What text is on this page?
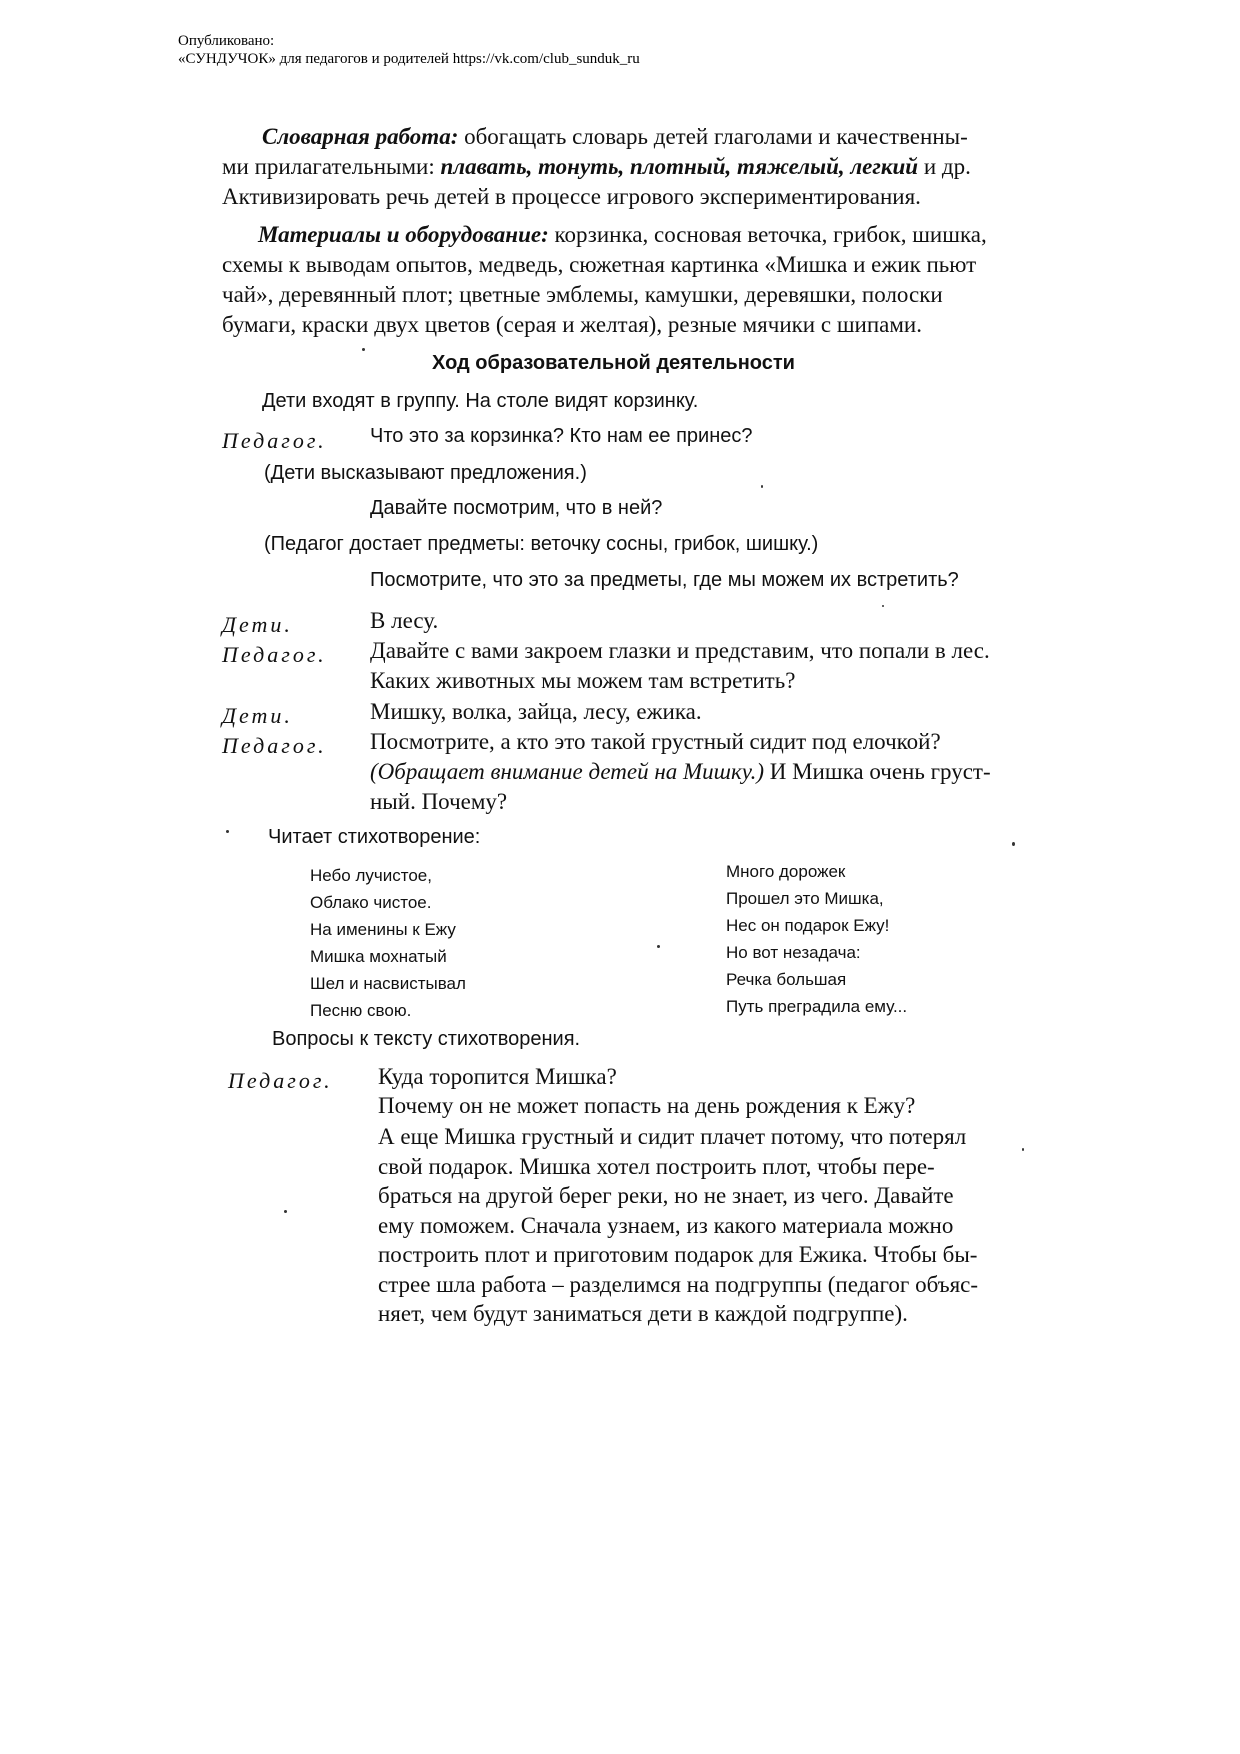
Опубликовано:
«СУНДУЧОК» для педагогов и родителей https://vk.com/club_sunduk_ru
Словарная работа: обогащать словарь детей глаголами и качественны-
ми прилагательными: плавать, тонуть, плотный, тяжелый, легкий и др.
Активизировать речь детей в процессе игрового экспериментирования.
Материалы и оборудование: корзинка, сосновая веточка, грибок, шишка,
схемы к выводам опытов, медведь, сюжетная картинка «Мишка и ежик пьют
чай», деревянный плот; цветные эмблемы, камушки, деревяшки, полоски
бумаги, краски двух цветов (серая и желтая), резные мячики с шипами.
Ход образовательной деятельности
Дети входят в группу. На столе видят корзинку.
Педагог. Что это за корзинка? Кто нам ее принес?
(Дети высказывают предложения.)
Давайте посмотрим, что в ней?
(Педагог достает предметы: веточку сосны, грибок, шишку.)
Посмотрите, что это за предметы, где мы можем их встретить?
Дети.	В лесу.
Педагог. Давайте с вами закроем глазки и представим, что попали в лес.
Каких животных мы можем там встретить?
Дети.	Мишку, волка, зайца, лесу, ежика.
Педагог. Посмотрите, а кто это такой грустный сидит под елочкой?
(Обращает внимание детей на Мишку.) И Мишка очень груст-
ный. Почему?
Читает стихотворение:
Небо лучистое,
Облако чистое.
На именины к Ежу
Мишка мохнатый
Шел и насвистывал
Песню свою.
Много дорожек
Прошел это Мишка,
Нес он подарок Ежу!
Но вот незадача:
Речка большая
Путь преградила ему...
Вопросы к тексту стихотворения.
Педагог. Куда торопится Мишка?
Почему он не может попасть на день рождения к Ежу?
А еще Мишка грустный и сидит плачет потому, что потерял
свой подарок. Мишка хотел построить плот, чтобы пере-
браться на другой берег реки, но не знает, из чего. Давайте
ему поможем. Сначала узнаем, из какого материала можно
построить плот и приготовим подарок для Ежика. Чтобы бы-
стрее шла работа – разделимся на подгруппы (педагог объяс-
няет, чем будут заниматься дети в каждой подгруппе).
